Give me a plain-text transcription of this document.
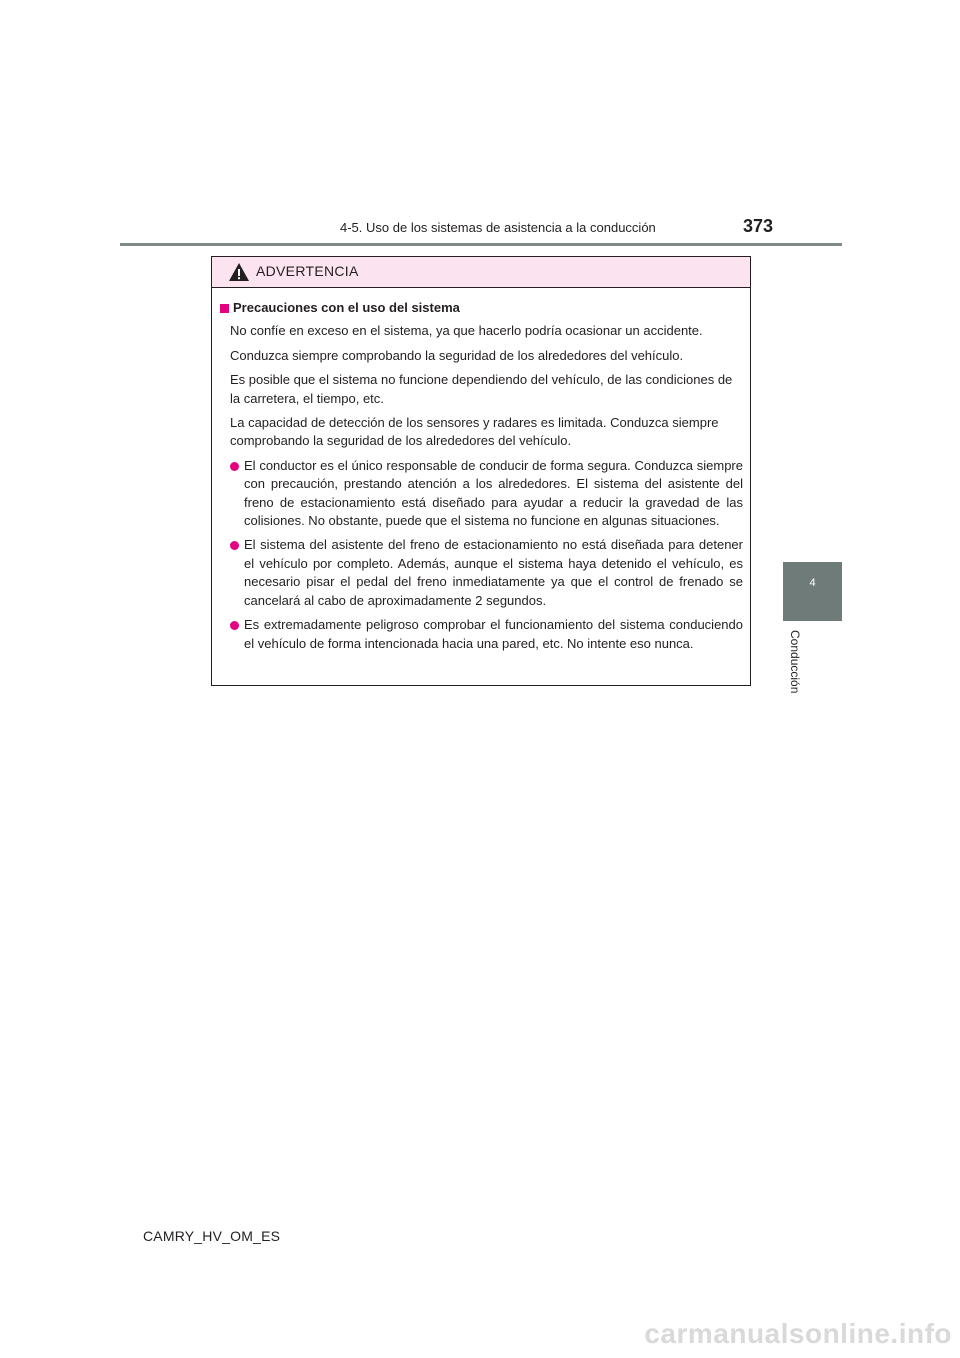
4-5. Uso de los sistemas de asistencia a la conducción	373
4
Conducción
ADVERTENCIA
Precauciones con el uso del sistema

No confíe en exceso en el sistema, ya que hacerlo podría ocasionar un accidente.

Conduzca siempre comprobando la seguridad de los alrededores del vehículo.

Es posible que el sistema no funcione dependiendo del vehículo, de las condiciones de la carretera, el tiempo, etc.

La capacidad de detección de los sensores y radares es limitada. Conduzca siempre comprobando la seguridad de los alrededores del vehículo.

El conductor es el único responsable de conducir de forma segura. Conduzca siempre con precaución, prestando atención a los alrededores. El sistema del asistente del freno de estacionamiento está diseñado para ayudar a reducir la gravedad de las colisiones. No obstante, puede que el sistema no funcione en algunas situaciones.
El sistema del asistente del freno de estacionamiento no está diseñada para detener el vehículo por completo. Además, aunque el sistema haya detenido el vehículo, es necesario pisar el pedal del freno inmediatamente ya que el control de frenado se cancelará al cabo de aproximadamente 2 segundos.
Es extremadamente peligroso comprobar el funcionamiento del sistema conduciendo el vehículo de forma intencionada hacia una pared, etc. No intente eso nunca.
CAMRY_HV_OM_ES
carmanualsonline.info
